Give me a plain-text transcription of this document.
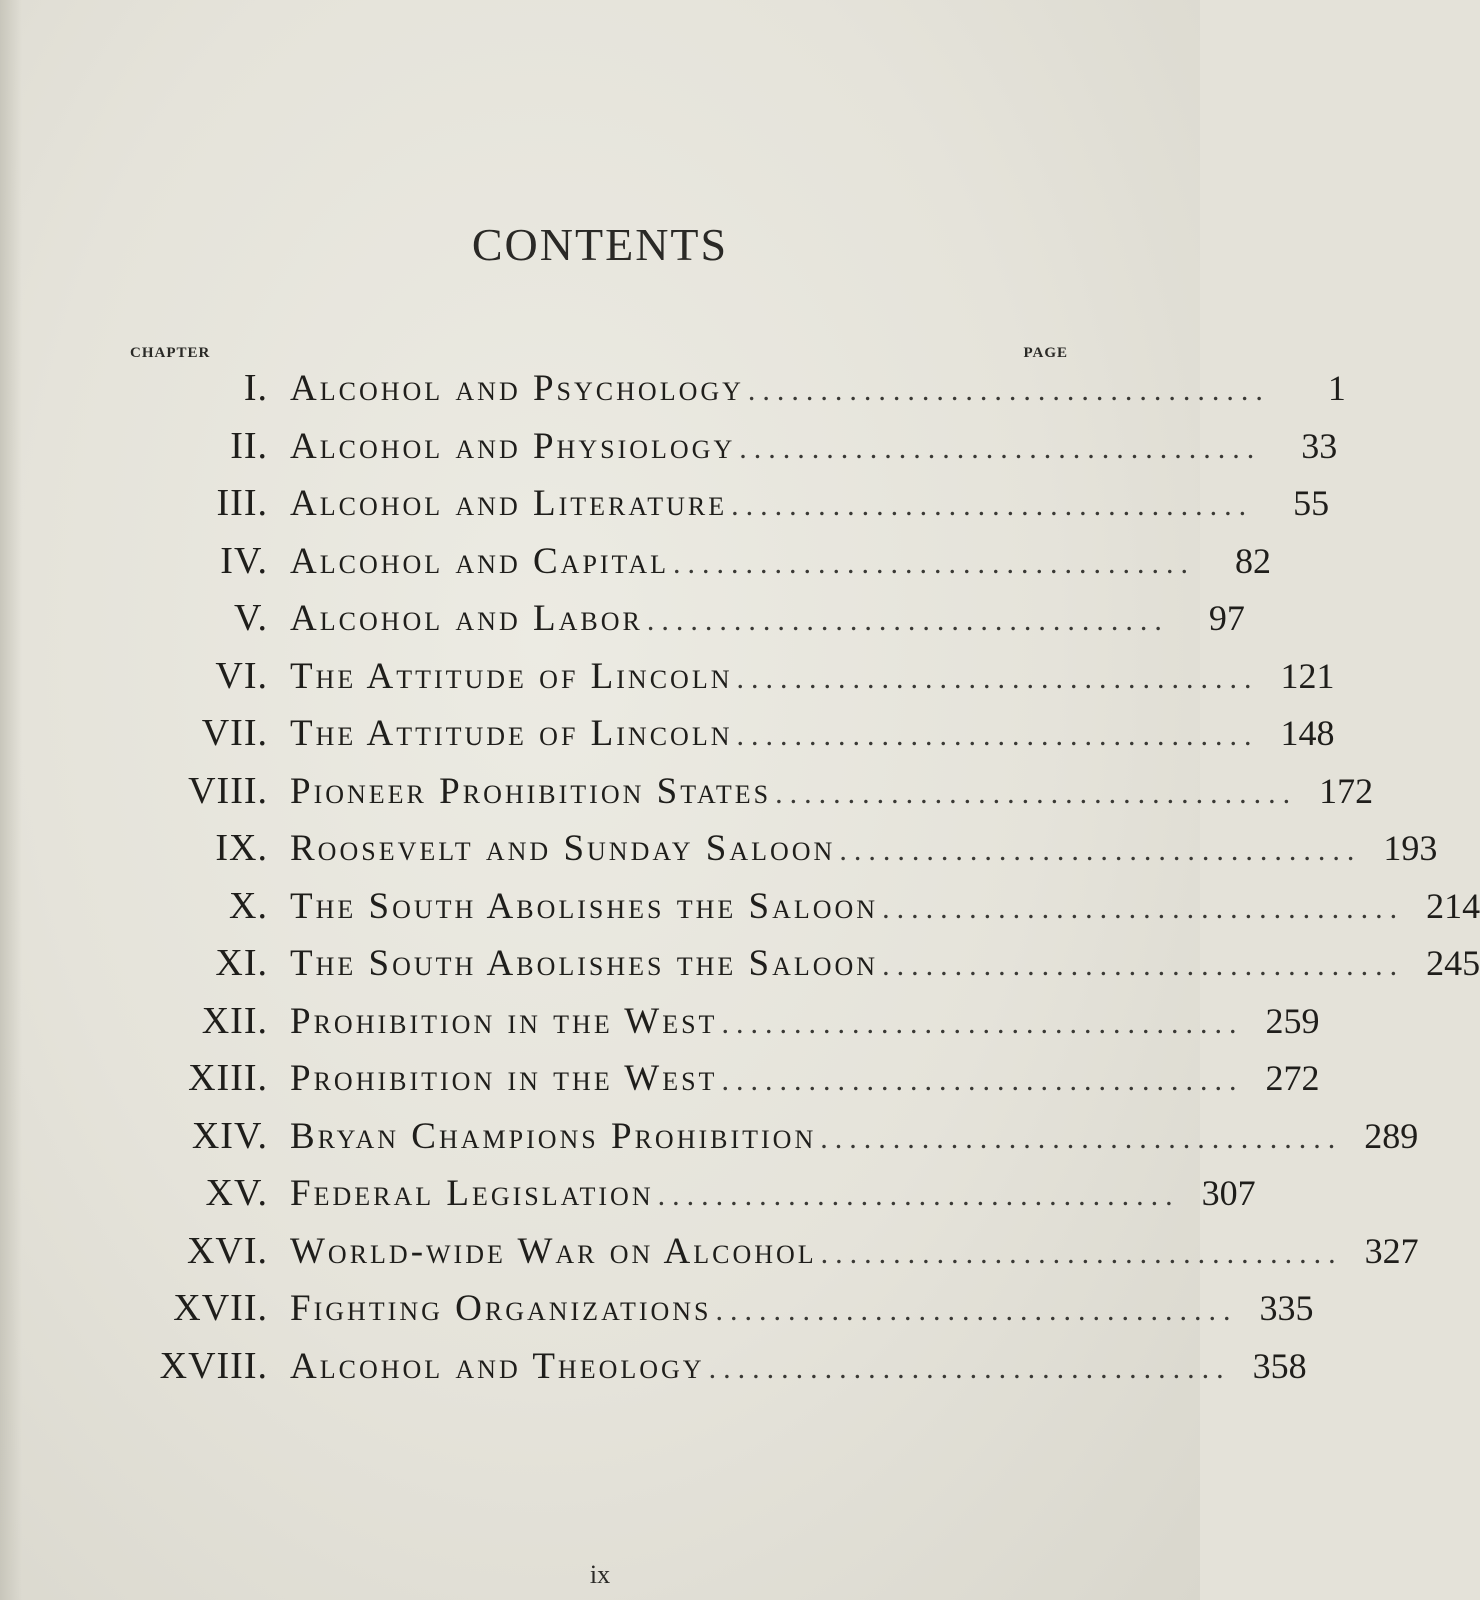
CONTENTS
CHAPTER	PAGE
I. Alcohol and Psychology ....................................	1
II. Alcohol and Physiology ....................................	33
III. Alcohol and Literature ....................................	55
IV. Alcohol and Capital ....................................	82
V. Alcohol and Labor ....................................	97
VI. The Attitude of Lincoln .................................... 121
VII. The Attitude of Lincoln .................................... 148
VIII. Pioneer Prohibition States .................................... 172
IX. Roosevelt and Sunday Saloon .................................... 193
X. The South Abolishes the Saloon .................................... 214
XI. The South Abolishes the Saloon .................................... 245
XII. Prohibition in the West .................................... 259
XIII. Prohibition in the West .................................... 272
XIV. Bryan Champions Prohibition .................................... 289
XV. Federal Legislation .................................... 307
XVI. World-wide War on Alcohol .................................... 327
XVII. Fighting Organizations .................................... 335
XVIII. Alcohol and Theology .................................... 358
ix
